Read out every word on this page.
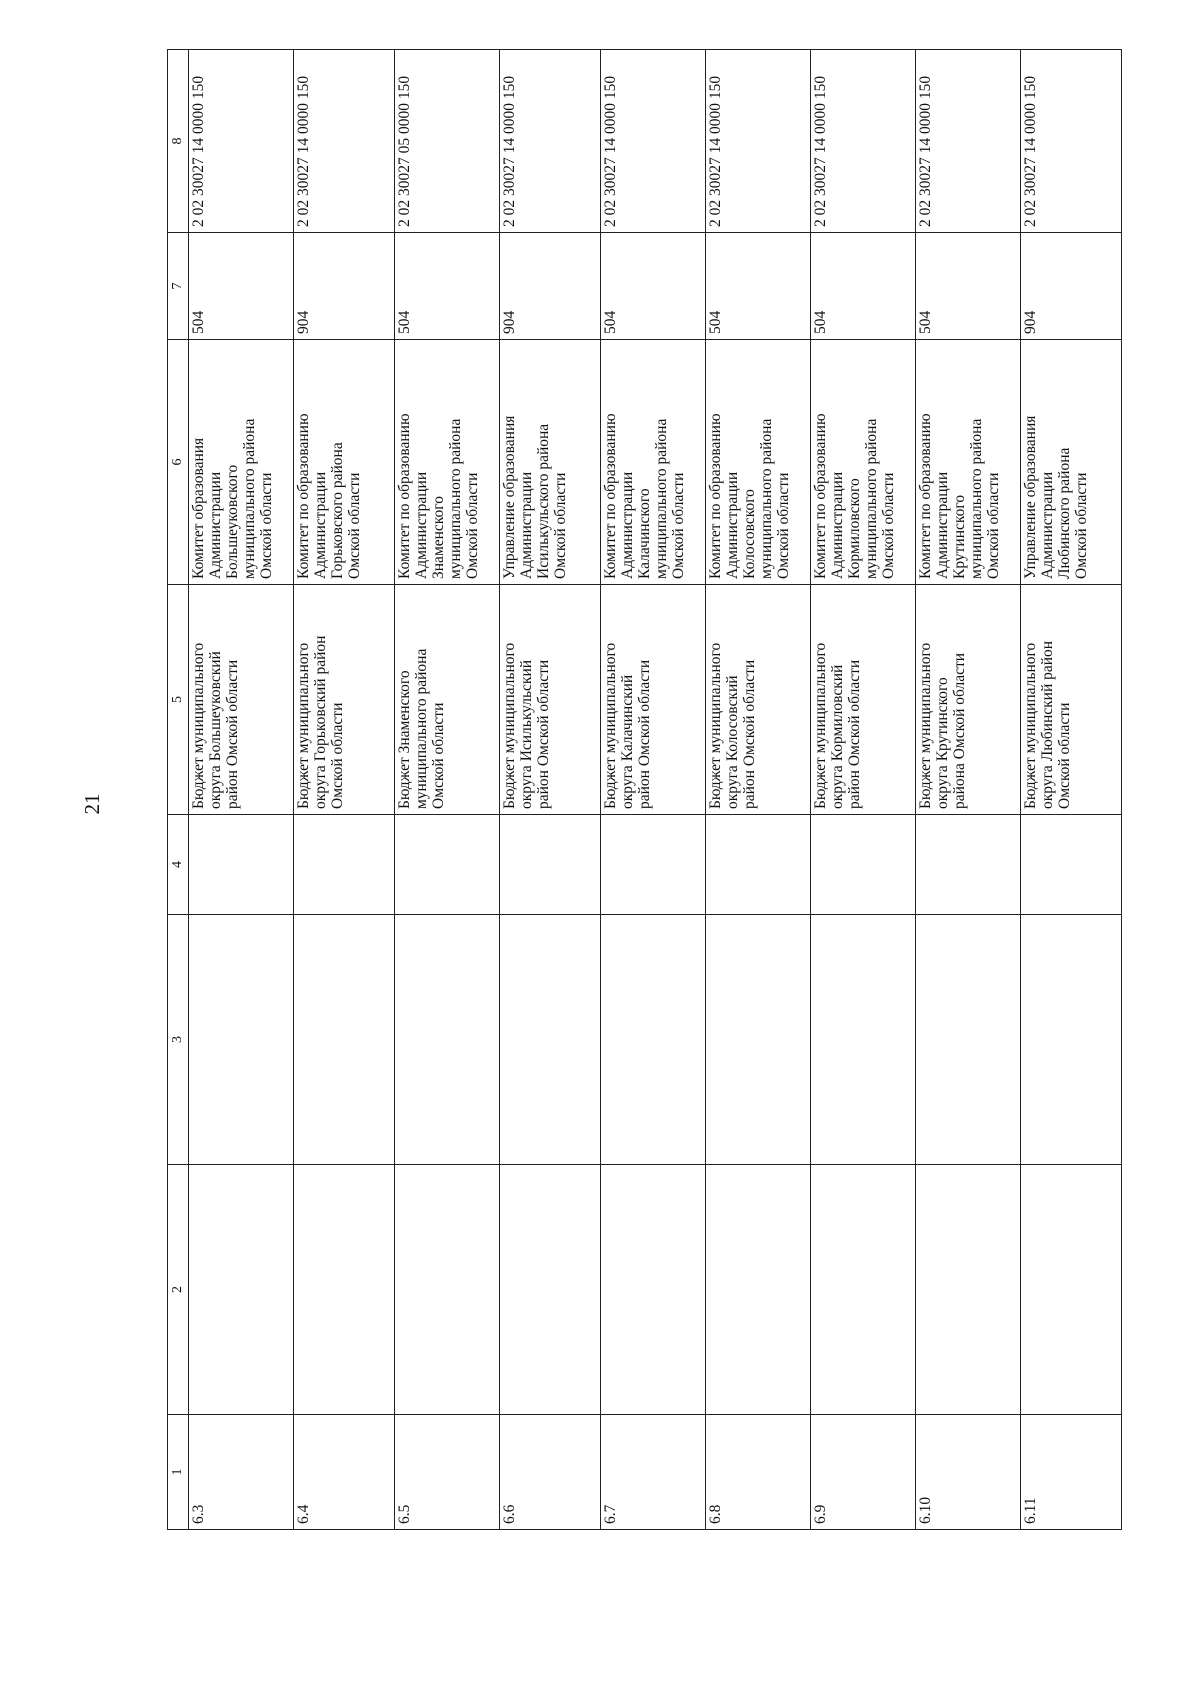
21
1	2	3	4	5	6	7	8
6.3				Бюджет муниципального
округа Большеуковский
район Омской области	Комитет образования
Администрации
Большеуковского
муниципального района
Омской области	504	2 02 30027 14 0000 150
6.4				Бюджет муниципального
округа Горьковский район
Омской области	Комитет по образованию
Администрации
Горьковского района
Омской области	904	2 02 30027 14 0000 150
6.5				Бюджет Знаменского
муниципального района
Омской области	Комитет по образованию
Администрации
Знаменского
муниципального района
Омской области	504	2 02 30027 05 0000 150
6.6				Бюджет муниципального
округа Исилькульский
район Омской области	Управление образования
Администрации
Исилькульского района
Омской области	904	2 02 30027 14 0000 150
6.7				Бюджет муниципального
округа Калачинский
район Омской области	Комитет по образованию
Администрации
Калачинского
муниципального района
Омской области	504	2 02 30027 14 0000 150
6.8				Бюджет муниципального
округа Колосовский
район Омской области	Комитет по образованию
Администрации
Колосовского
муниципального района
Омской области	504	2 02 30027 14 0000 150
6.9				Бюджет муниципального
округа Кормиловский
район Омской области	Комитет по образованию
Администрации
Кормиловского
муниципального района
Омской области	504	2 02 30027 14 0000 150
6.10				Бюджет муниципального
округа Крутинского
района Омской области	Комитет по образованию
Администрации
Крутинского
муниципального района
Омской области	504	2 02 30027 14 0000 150
6.11				Бюджет муниципального
округа Любинский район
Омской области	Управление образования
Администрации
Любинского района
Омской области	904	2 02 30027 14 0000 150
